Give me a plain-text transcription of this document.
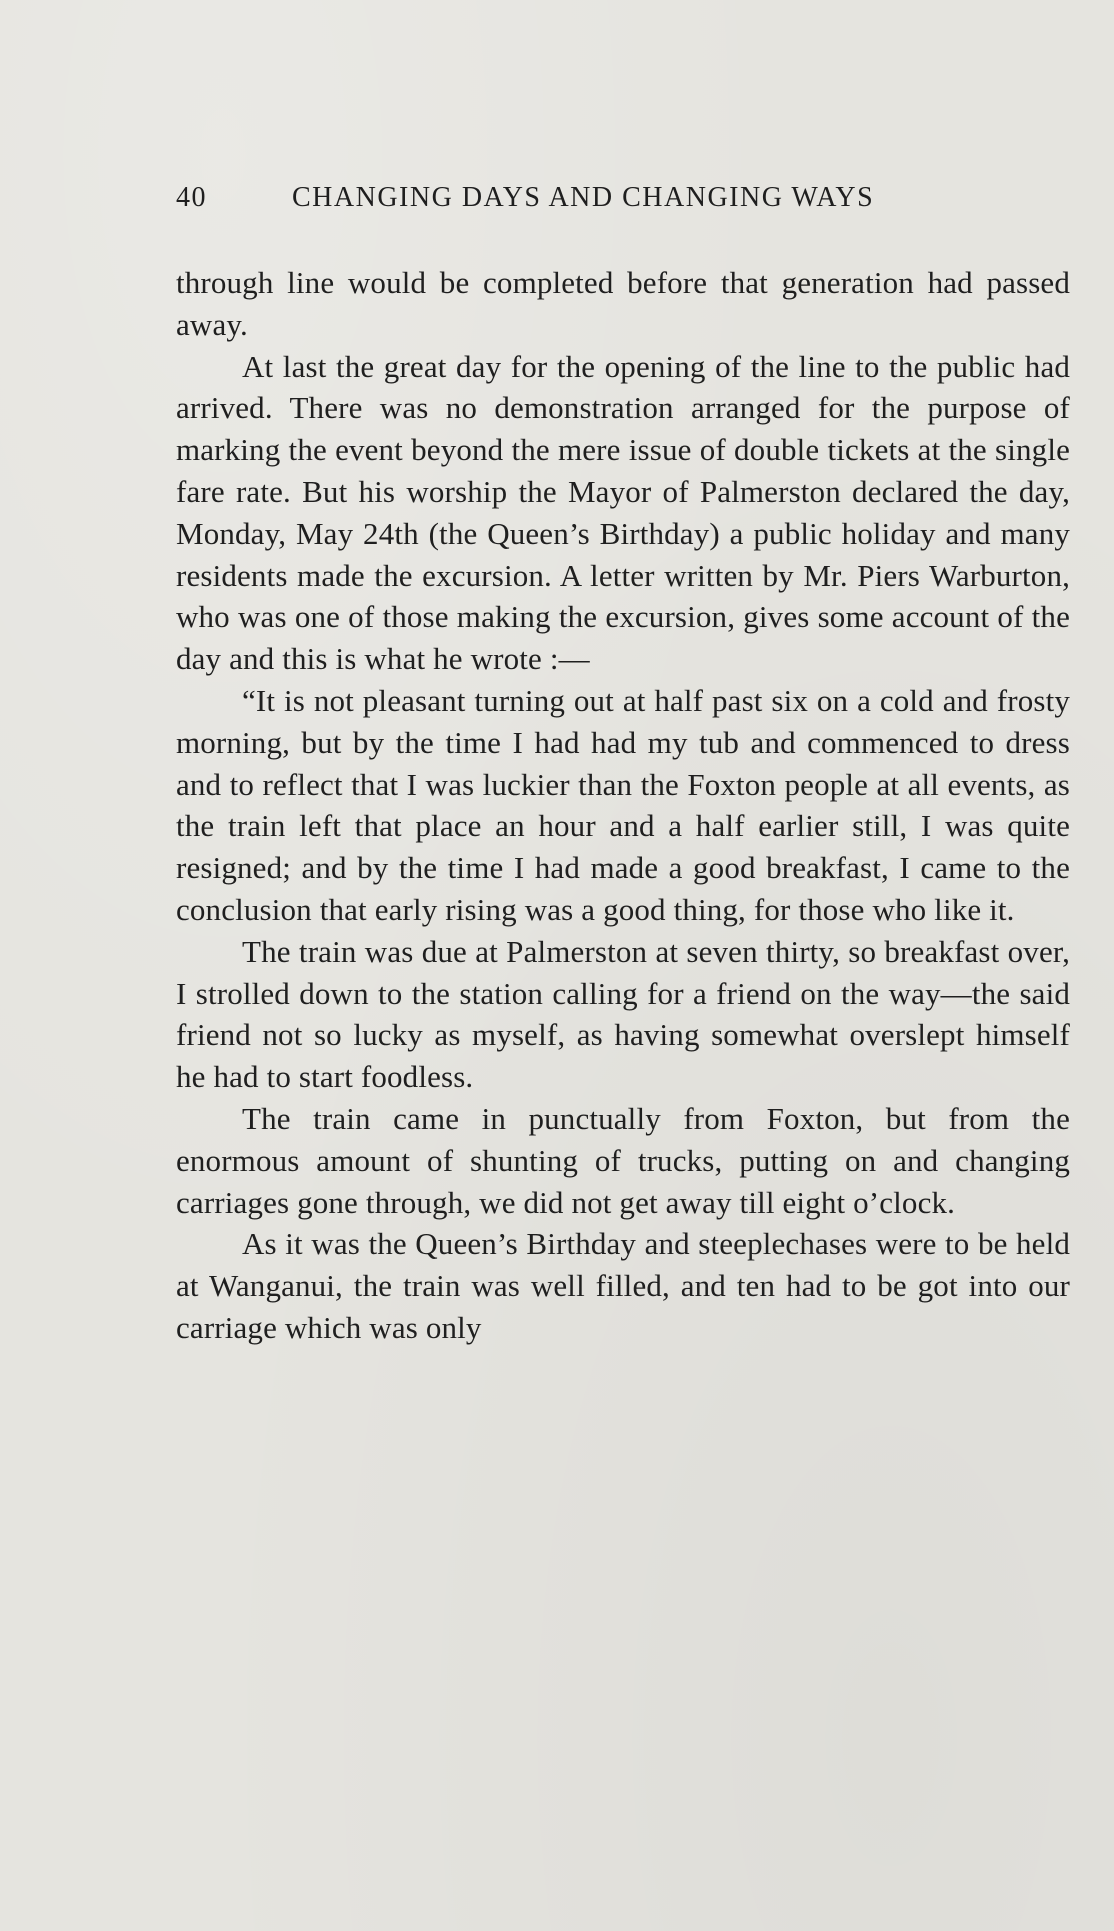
40	CHANGING DAYS AND CHANGING WAYS

through line would be completed before that generation had passed away.

At last the great day for the opening of the line to the public had arrived. There was no demonstration arranged for the purpose of marking the event beyond the mere issue of double tickets at the single fare rate. But his worship the Mayor of Palmerston declared the day, Monday, May 24th (the Queen’s Birthday) a public holiday and many residents made the excursion. A letter written by Mr. Piers Warburton, who was one of those making the excursion, gives some account of the day and this is what he wrote :—

“It is not pleasant turning out at half past six on a cold and frosty morning, but by the time I had had my tub and commenced to dress and to reflect that I was luckier than the Foxton people at all events, as the train left that place an hour and a half earlier still, I was quite resigned; and by the time I had made a good breakfast, I came to the conclusion that early rising was a good thing, for those who like it.

The train was due at Palmerston at seven thirty, so breakfast over, I strolled down to the station calling for a friend on the way—the said friend not so lucky as myself, as having somewhat overslept himself he had to start foodless.

The train came in punctually from Foxton, but from the enormous amount of shunting of trucks, putting on and changing carriages gone through, we did not get away till eight o’clock.

As it was the Queen’s Birthday and steeplechases were to be held at Wanganui, the train was well filled, and ten had to be got into our carriage which was only
